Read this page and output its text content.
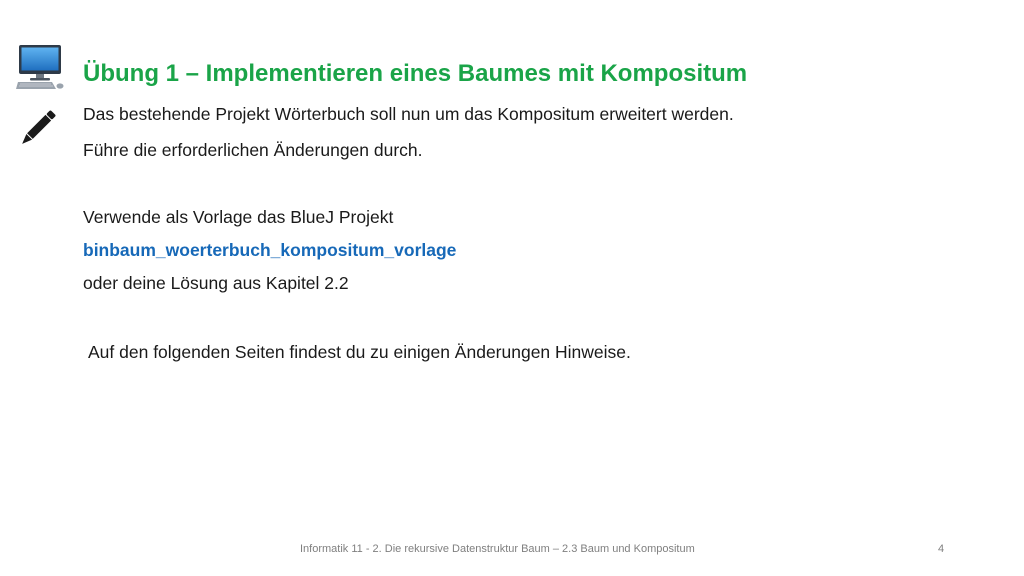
Übung 1 – Implementieren eines Baumes mit Kompositum
Das bestehende Projekt Wörterbuch soll nun um das Kompositum erweitert werden.
Führe die erforderlichen Änderungen durch.
Verwende als Vorlage das BlueJ Projekt
binbaum_woerterbuch_kompositum_vorlage
oder deine Lösung aus Kapitel 2.2
Auf den folgenden Seiten findest du zu einigen Änderungen Hinweise.
Informatik 11 - 2. Die rekursive Datenstruktur Baum – 2.3 Baum und Kompositum	4
